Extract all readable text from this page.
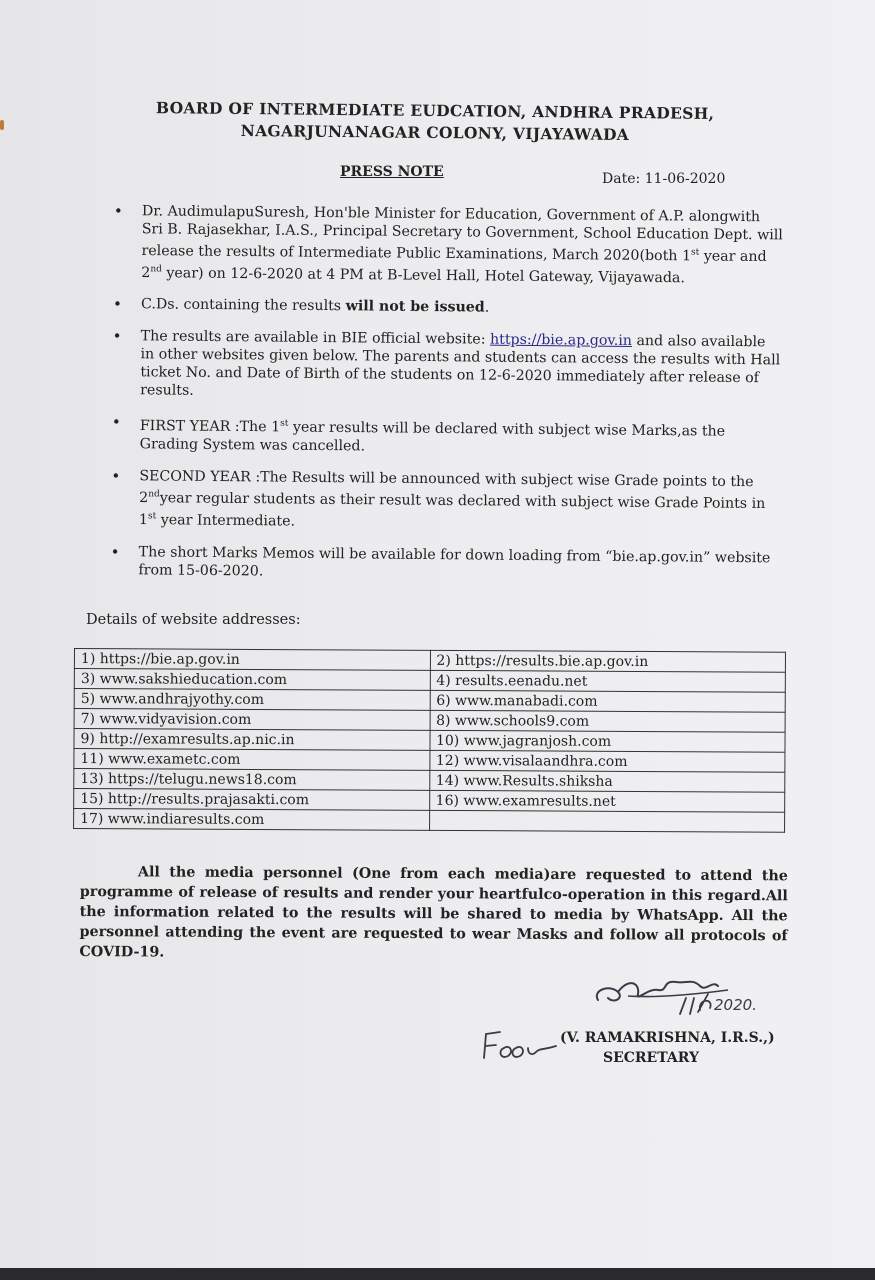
BOARD OF INTERMEDIATE EUDCATION, ANDHRA PRADESH,
NAGARJUNANAGAR COLONY, VIJAYAWADA
PRESS NOTE	Date: 11-06-2020
• Dr. AudimulapuSuresh, Hon'ble Minister for Education, Government of A.P. alongwith Sri B. Rajasekhar, I.A.S., Principal Secretary to Government, School Education Dept. will release the results of Intermediate Public Examinations, March 2020(both 1st year and 2nd year) on 12-6-2020 at 4 PM at B-Level Hall, Hotel Gateway, Vijayawada.
• C.Ds. containing the results will not be issued.
• The results are available in BIE official website: https://bie.ap.gov.in and also available in other websites given below. The parents and students can access the results with Hall ticket No. and Date of Birth of the students on 12-6-2020 immediately after release of results.
• FIRST YEAR :The 1st year results will be declared with subject wise Marks,as the Grading System was cancelled.
• SECOND YEAR :The Results will be announced with subject wise Grade points to the 2ndyear regular students as their result was declared with subject wise Grade Points in 1st year Intermediate.
• The short Marks Memos will be available for down loading from “bie.ap.gov.in” website from 15-06-2020.
Details of website addresses:
1) https://bie.ap.gov.in	2) https://results.bie.ap.gov.in
3) www.sakshieducation.com	4) results.eenadu.net
5) www.andhrajyothy.com	6) www.manabadi.com
7) www.vidyavision.com	8) www.schools9.com
9) http://examresults.ap.nic.in	10) www.jagranjosh.com
11) www.exametc.com	12) www.visalaandhra.com
13) https://telugu.news18.com	14) www.Results.shiksha
15) http://results.prajasakti.com	16) www.examresults.net
17) www.indiaresults.com	
All the media personnel (One from each media)are requested to attend the programme of release of results and render your heartfulco-operation in this regard.All the information related to the results will be shared to media by WhatsApp. All the personnel attending the event are requested to wear Masks and follow all protocols of COVID-19.
2020.
(V. RAMAKRISHNA, I.R.S.,)
SECRETARY
